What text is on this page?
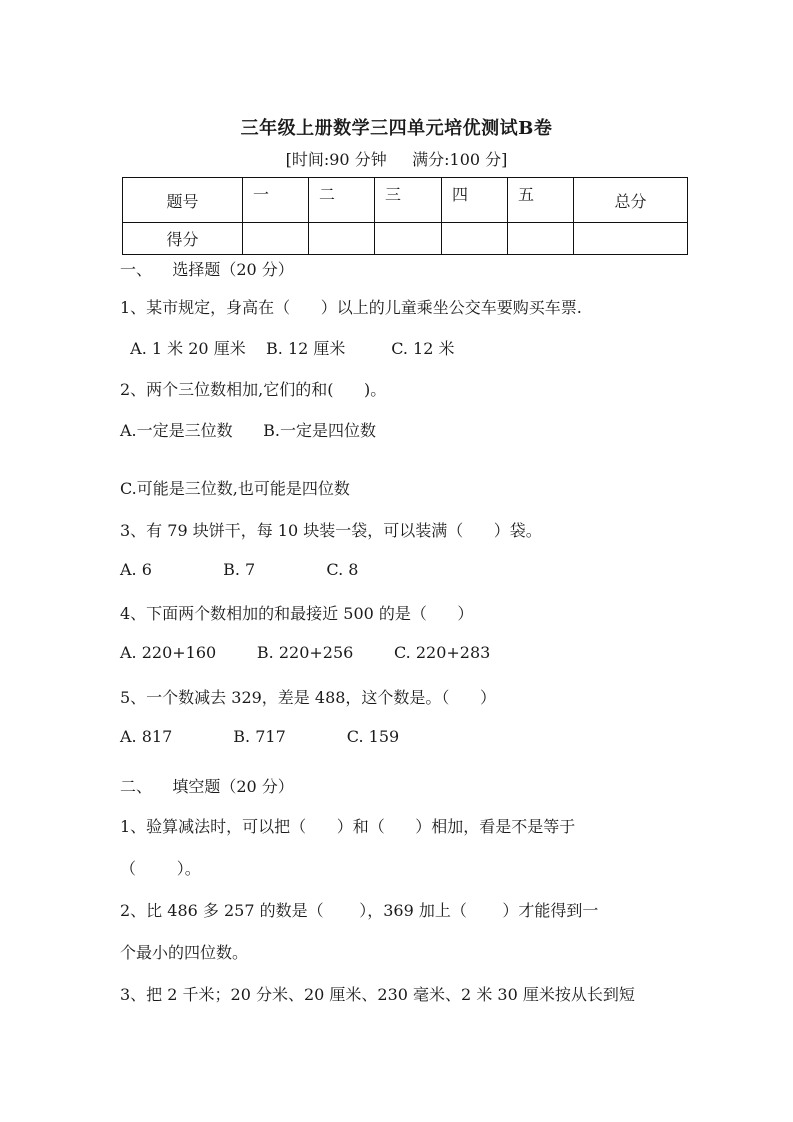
三年级上册数学三四单元培优测试B卷
[时间:90 分钟     满分:100 分]
题号	一	二	三	四	五	总分
得分						
一、    选择题（20 分）
1、某市规定，身高在（      ）以上的儿童乘坐公交车要购买车票.
A. 1 米 20 厘米    B. 12 厘米         C. 12 米
2、两个三位数相加,它们的和(      )。
A.一定是三位数      B.一定是四位数
C.可能是三位数,也可能是四位数
3、有 79 块饼干，每 10 块装一袋，可以装满（      ）袋。
A. 6              B. 7              C. 8
4、下面两个数相加的和最接近 500 的是（      ）
A. 220+160        B. 220+256        C. 220+283
5、一个数减去 329，差是 488，这个数是。（      ）
A. 817            B. 717            C. 159
二、    填空题（20 分）
1、验算减法时，可以把（      ）和（      ）相加，看是不是等于
（        ）。
2、比 486 多 257 的数是（       ），369 加上（       ）才能得到一
个最小的四位数。
3、把 2 千米；20 分米、20 厘米、230 毫米、2 米 30 厘米按从长到短
